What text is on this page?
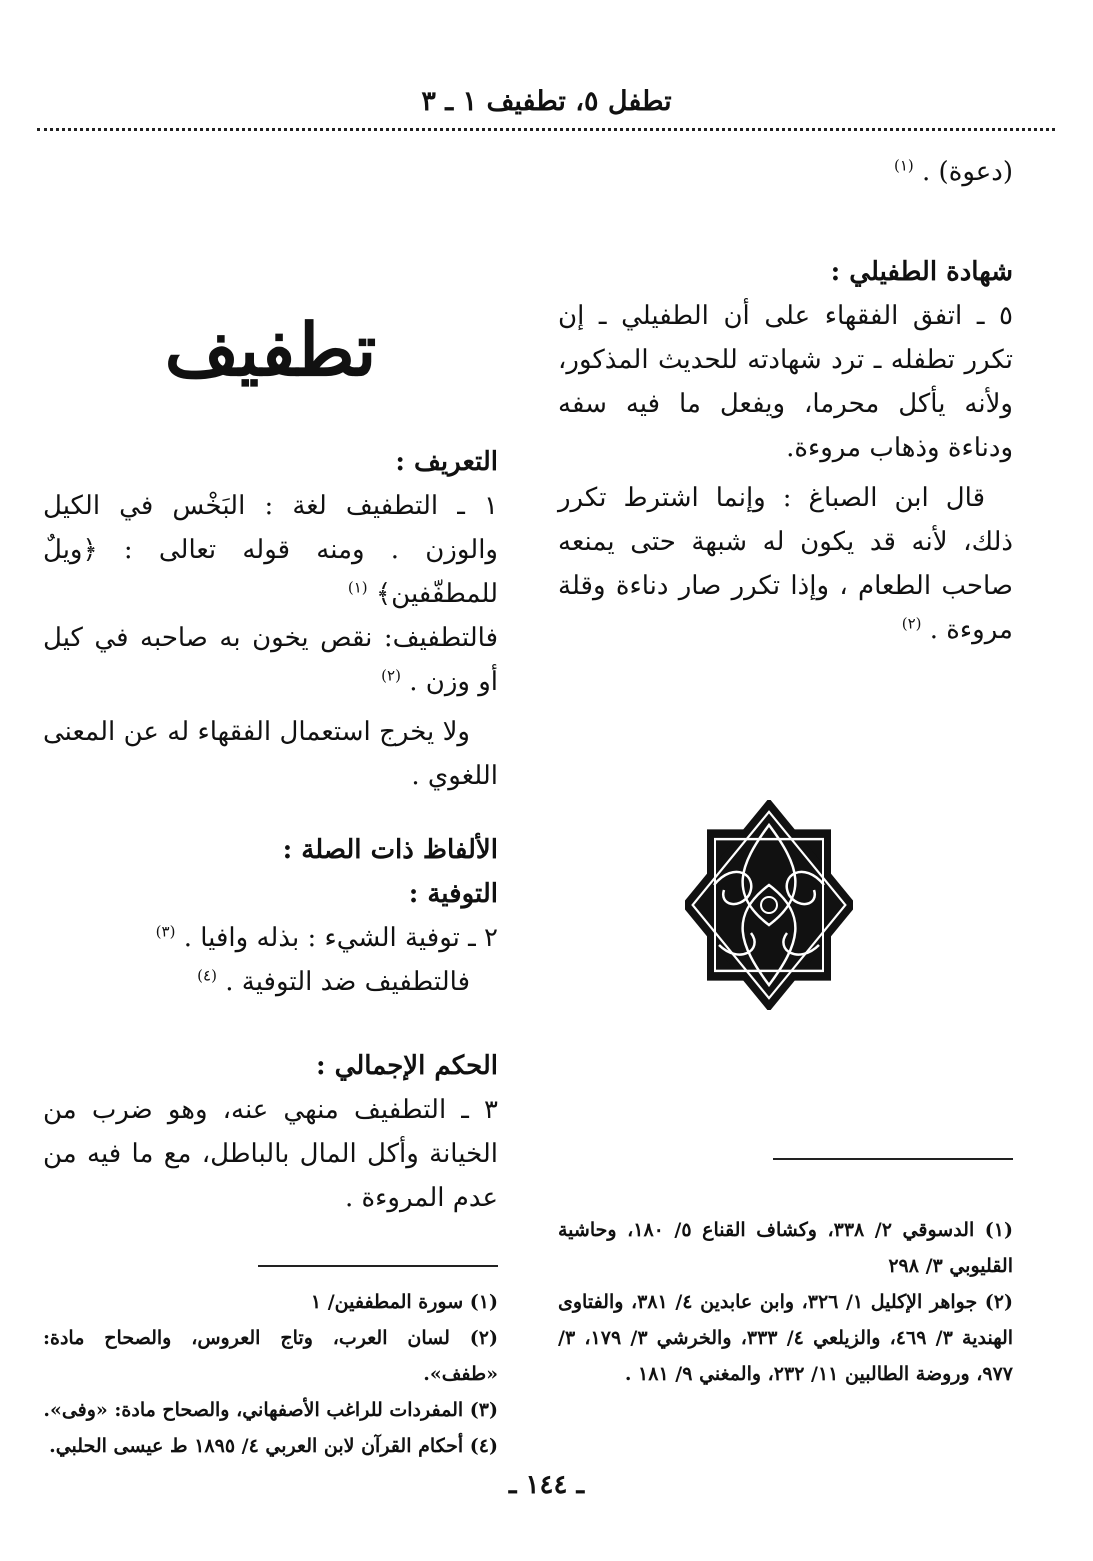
تطفل ٥، تطفيف ١ ـ ٣

(دعوة) . $^{(١)}$

شهادة الطفيلي :

٥ ـ اتفق الفقهاء على أن الطفيلي ـ إن تكرر تطفله ـ ترد شهادته للحديث المذكور، ولأنه يأكل محرما، ويفعل ما فيه سفه ودناءة وذهاب مروءة.

قال ابن الصباغ : وإنما اشترط تكرر ذلك، لأنه قد يكون له شبهة حتى يمنعه صاحب الطعام ، وإذا تكرر صار دناءة وقلة مروءة . $^{(٢)}$

(١) الدسوقي ٢/ ٣٣٨، وكشاف القناع ٥/ ١٨٠، وحاشية القليوبي ٣/ ٢٩٨

(٢) جواهر الإكليل ١/ ٣٢٦، وابن عابدين ٤/ ٣٨١، والفتاوى الهندية ٣/ ٤٦٩، والزيلعي ٤/ ٣٣٣، والخرشي ٣/ ١٧٩، ٣/ ٩٧٧، وروضة الطالبين ١١/ ٢٣٢، والمغني ٩/ ١٨١ .

تطفيف

التعريف :

١ ـ التطفيف لغة : البَخْس في الكيل والوزن . ومنه قوله تعالى : ﴿ويلٌ للمطفّفين﴾ $^{(١)}$

فالتطفيف: نقص يخون به صاحبه في كيل أو وزن . $^{(٢)}$

ولا يخرج استعمال الفقهاء له عن المعنى اللغوي .

الألفاظ ذات الصلة :

التوفية :

٢ ـ توفية الشيء : بذله وافيا . $^{(٣)}$

فالتطفيف ضد التوفية . $^{(٤)}$

الحكم الإجمالي :

٣ ـ التطفيف منهي عنه، وهو ضرب من الخيانة وأكل المال بالباطل، مع ما فيه من عدم المروءة .

(١) سورة المطففين/ ١

(٢) لسان العرب، وتاج العروس، والصحاح مادة: «طفف».

(٣) المفردات للراغب الأصفهاني، والصحاح مادة: «وفى».

(٤) أحكام القرآن لابن العربي ٤/ ١٨٩٥ ط عيسى الحلبي.

ـ ١٤٤ ـ
